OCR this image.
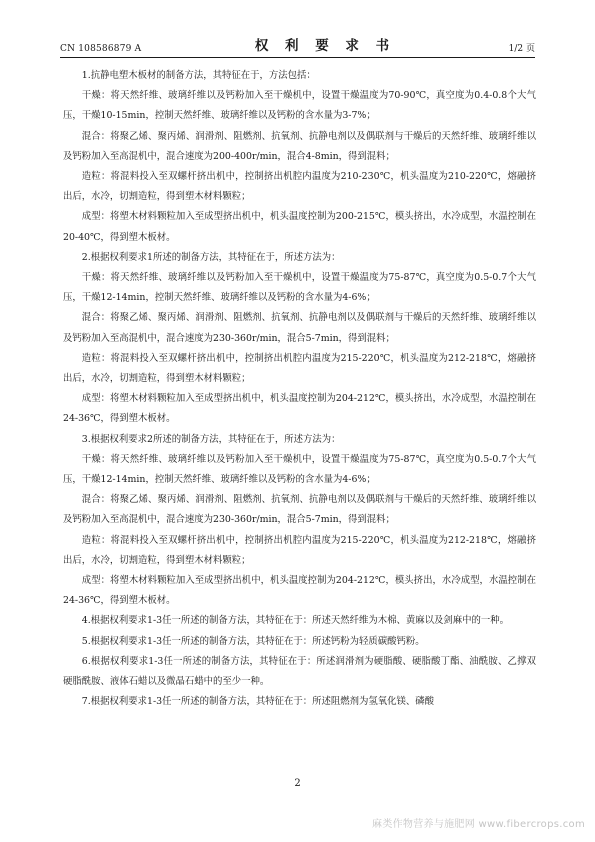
CN 108586879 A	权 利 要 求 书	1/2 页

1.抗静电塑木板材的制备方法，其特征在于，方法包括：

干燥：将天然纤维、玻璃纤维以及钙粉加入至干燥机中，设置干燥温度为70-90℃，真空度为0.4-0.8个大气压，干燥10-15min，控制天然纤维、玻璃纤维以及钙粉的含水量为3-7%；

混合：将聚乙烯、聚丙烯、润滑剂、阻燃剂、抗氧剂、抗静电剂以及偶联剂与干燥后的天然纤维、玻璃纤维以及钙粉加入至高混机中，混合速度为200-400r/min，混合4-8min，得到混料；

造粒：将混料投入至双螺杆挤出机中，控制挤出机腔内温度为210-230℃，机头温度为210-220℃，熔融挤出后，水冷，切割造粒，得到塑木材料颗粒；

成型：将塑木材料颗粒加入至成型挤出机中，机头温度控制为200-215℃，模头挤出，水冷成型，水温控制在20-40℃，得到塑木板材。

2.根据权利要求1所述的制备方法，其特征在于，所述方法为：

干燥：将天然纤维、玻璃纤维以及钙粉加入至干燥机中，设置干燥温度为75-87℃，真空度为0.5-0.7个大气压，干燥12-14min，控制天然纤维、玻璃纤维以及钙粉的含水量为4-6%；

混合：将聚乙烯、聚丙烯、润滑剂、阻燃剂、抗氧剂、抗静电剂以及偶联剂与干燥后的天然纤维、玻璃纤维以及钙粉加入至高混机中，混合速度为230-360r/min，混合5-7min，得到混料；

造粒：将混料投入至双螺杆挤出机中，控制挤出机腔内温度为215-220℃，机头温度为212-218℃，熔融挤出后，水冷，切割造粒，得到塑木材料颗粒；

成型：将塑木材料颗粒加入至成型挤出机中，机头温度控制为204-212℃，模头挤出，水冷成型，水温控制在24-36℃，得到塑木板材。

3.根据权利要求2所述的制备方法，其特征在于，所述方法为：

干燥：将天然纤维、玻璃纤维以及钙粉加入至干燥机中，设置干燥温度为75-87℃，真空度为0.5-0.7个大气压，干燥12-14min，控制天然纤维、玻璃纤维以及钙粉的含水量为4-6%；

混合：将聚乙烯、聚丙烯、润滑剂、阻燃剂、抗氧剂、抗静电剂以及偶联剂与干燥后的天然纤维、玻璃纤维以及钙粉加入至高混机中，混合速度为230-360r/min，混合5-7min，得到混料；

造粒：将混料投入至双螺杆挤出机中，控制挤出机腔内温度为215-220℃，机头温度为212-218℃，熔融挤出后，水冷，切割造粒，得到塑木材料颗粒；

成型：将塑木材料颗粒加入至成型挤出机中，机头温度控制为204-212℃，模头挤出，水冷成型，水温控制在24-36℃，得到塑木板材。

4.根据权利要求1-3任一所述的制备方法，其特征在于：所述天然纤维为木棉、黄麻以及剑麻中的一种。

5.根据权利要求1-3任一所述的制备方法，其特征在于：所述钙粉为轻质碳酸钙粉。

6.根据权利要求1-3任一所述的制备方法，其特征在于：所述润滑剂为硬脂酸、硬脂酸丁酯、油酰胺、乙撑双硬脂酰胺、液体石蜡以及微晶石蜡中的至少一种。

7.根据权利要求1-3任一所述的制备方法，其特征在于：所述阻燃剂为氢氧化镁、磷酸

2
麻类作物营养与施肥网 www.fibercrops.com
